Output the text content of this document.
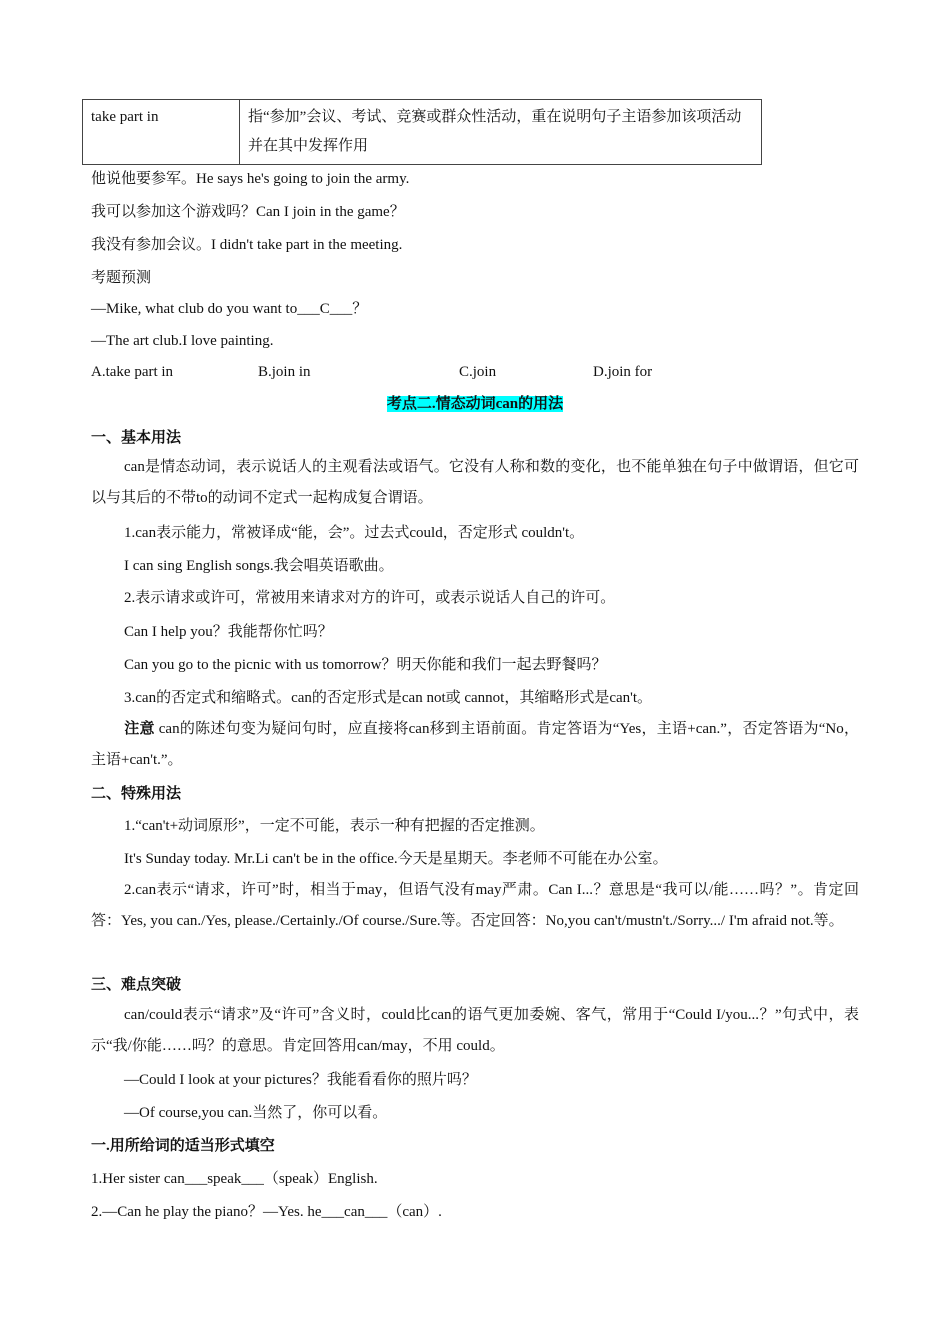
take part in	指“参加”会议、考试、竞赛或群众性活动，重在说明句子主语参加该项活动并在其中发挥作用
他说他要参军。He says he's going to join the army.
我可以参加这个游戏吗？Can I join in the game？
我没有参加会议。I didn't take part in the meeting.
考题预测
—Mike, what club do you want to___C___？
—The art club.I love painting.
A.take part in	B.join in	C.join	D.join for
考点二.情态动词can的用法
一、基本用法
can是情态动词，表示说话人的主观看法或语气。它没有人称和数的变化，也不能单独在句子中做谓语，但它可以与其后的不带to的动词不定式一起构成复合谓语。
1.can表示能力，常被译成“能，会”。过去式could，否定形式 couldn't。
I can sing English songs.我会唱英语歌曲。
2.表示请求或许可，常被用来请求对方的许可，或表示说话人自己的许可。
Can I help you？我能帮你忙吗？
Can you go to the picnic with us tomorrow？明天你能和我们一起去野餐吗？
3.can的否定式和缩略式。can的否定形式是can not或 cannot，其缩略形式是can't。
注意 can的陈述句变为疑问句时，应直接将can移到主语前面。肯定答语为“Yes，主语+can.”，否定答语为“No，主语+can't.”。
二、特殊用法
1.“can't+动词原形”，一定不可能，表示一种有把握的否定推测。
It's Sunday today. Mr.Li can't be in the office.今天是星期天。李老师不可能在办公室。
2.can表示“请求，许可”时，相当于may，但语气没有may严肃。Can I...？意思是“我可以/能……吗？”。肯定回答：Yes, you can./Yes, please./Certainly./Of course./Sure.等。否定回答：No,you can't/mustn't./Sorry.../ I'm afraid not.等。
三、难点突破
can/could表示“请求”及“许可”含义时，could比can的语气更加委婉、客气，常用于“Could I/you...？”句式中，表示“我/你能……吗？的意思。肯定回答用can/may，不用 could。
—Could I look at your pictures？我能看看你的照片吗？
—Of course,you can.当然了，你可以看。
一.用所给词的适当形式填空
1.Her sister can___speak___（speak）English.
2.—Can he play the piano？—Yes. he___can___（can）.
